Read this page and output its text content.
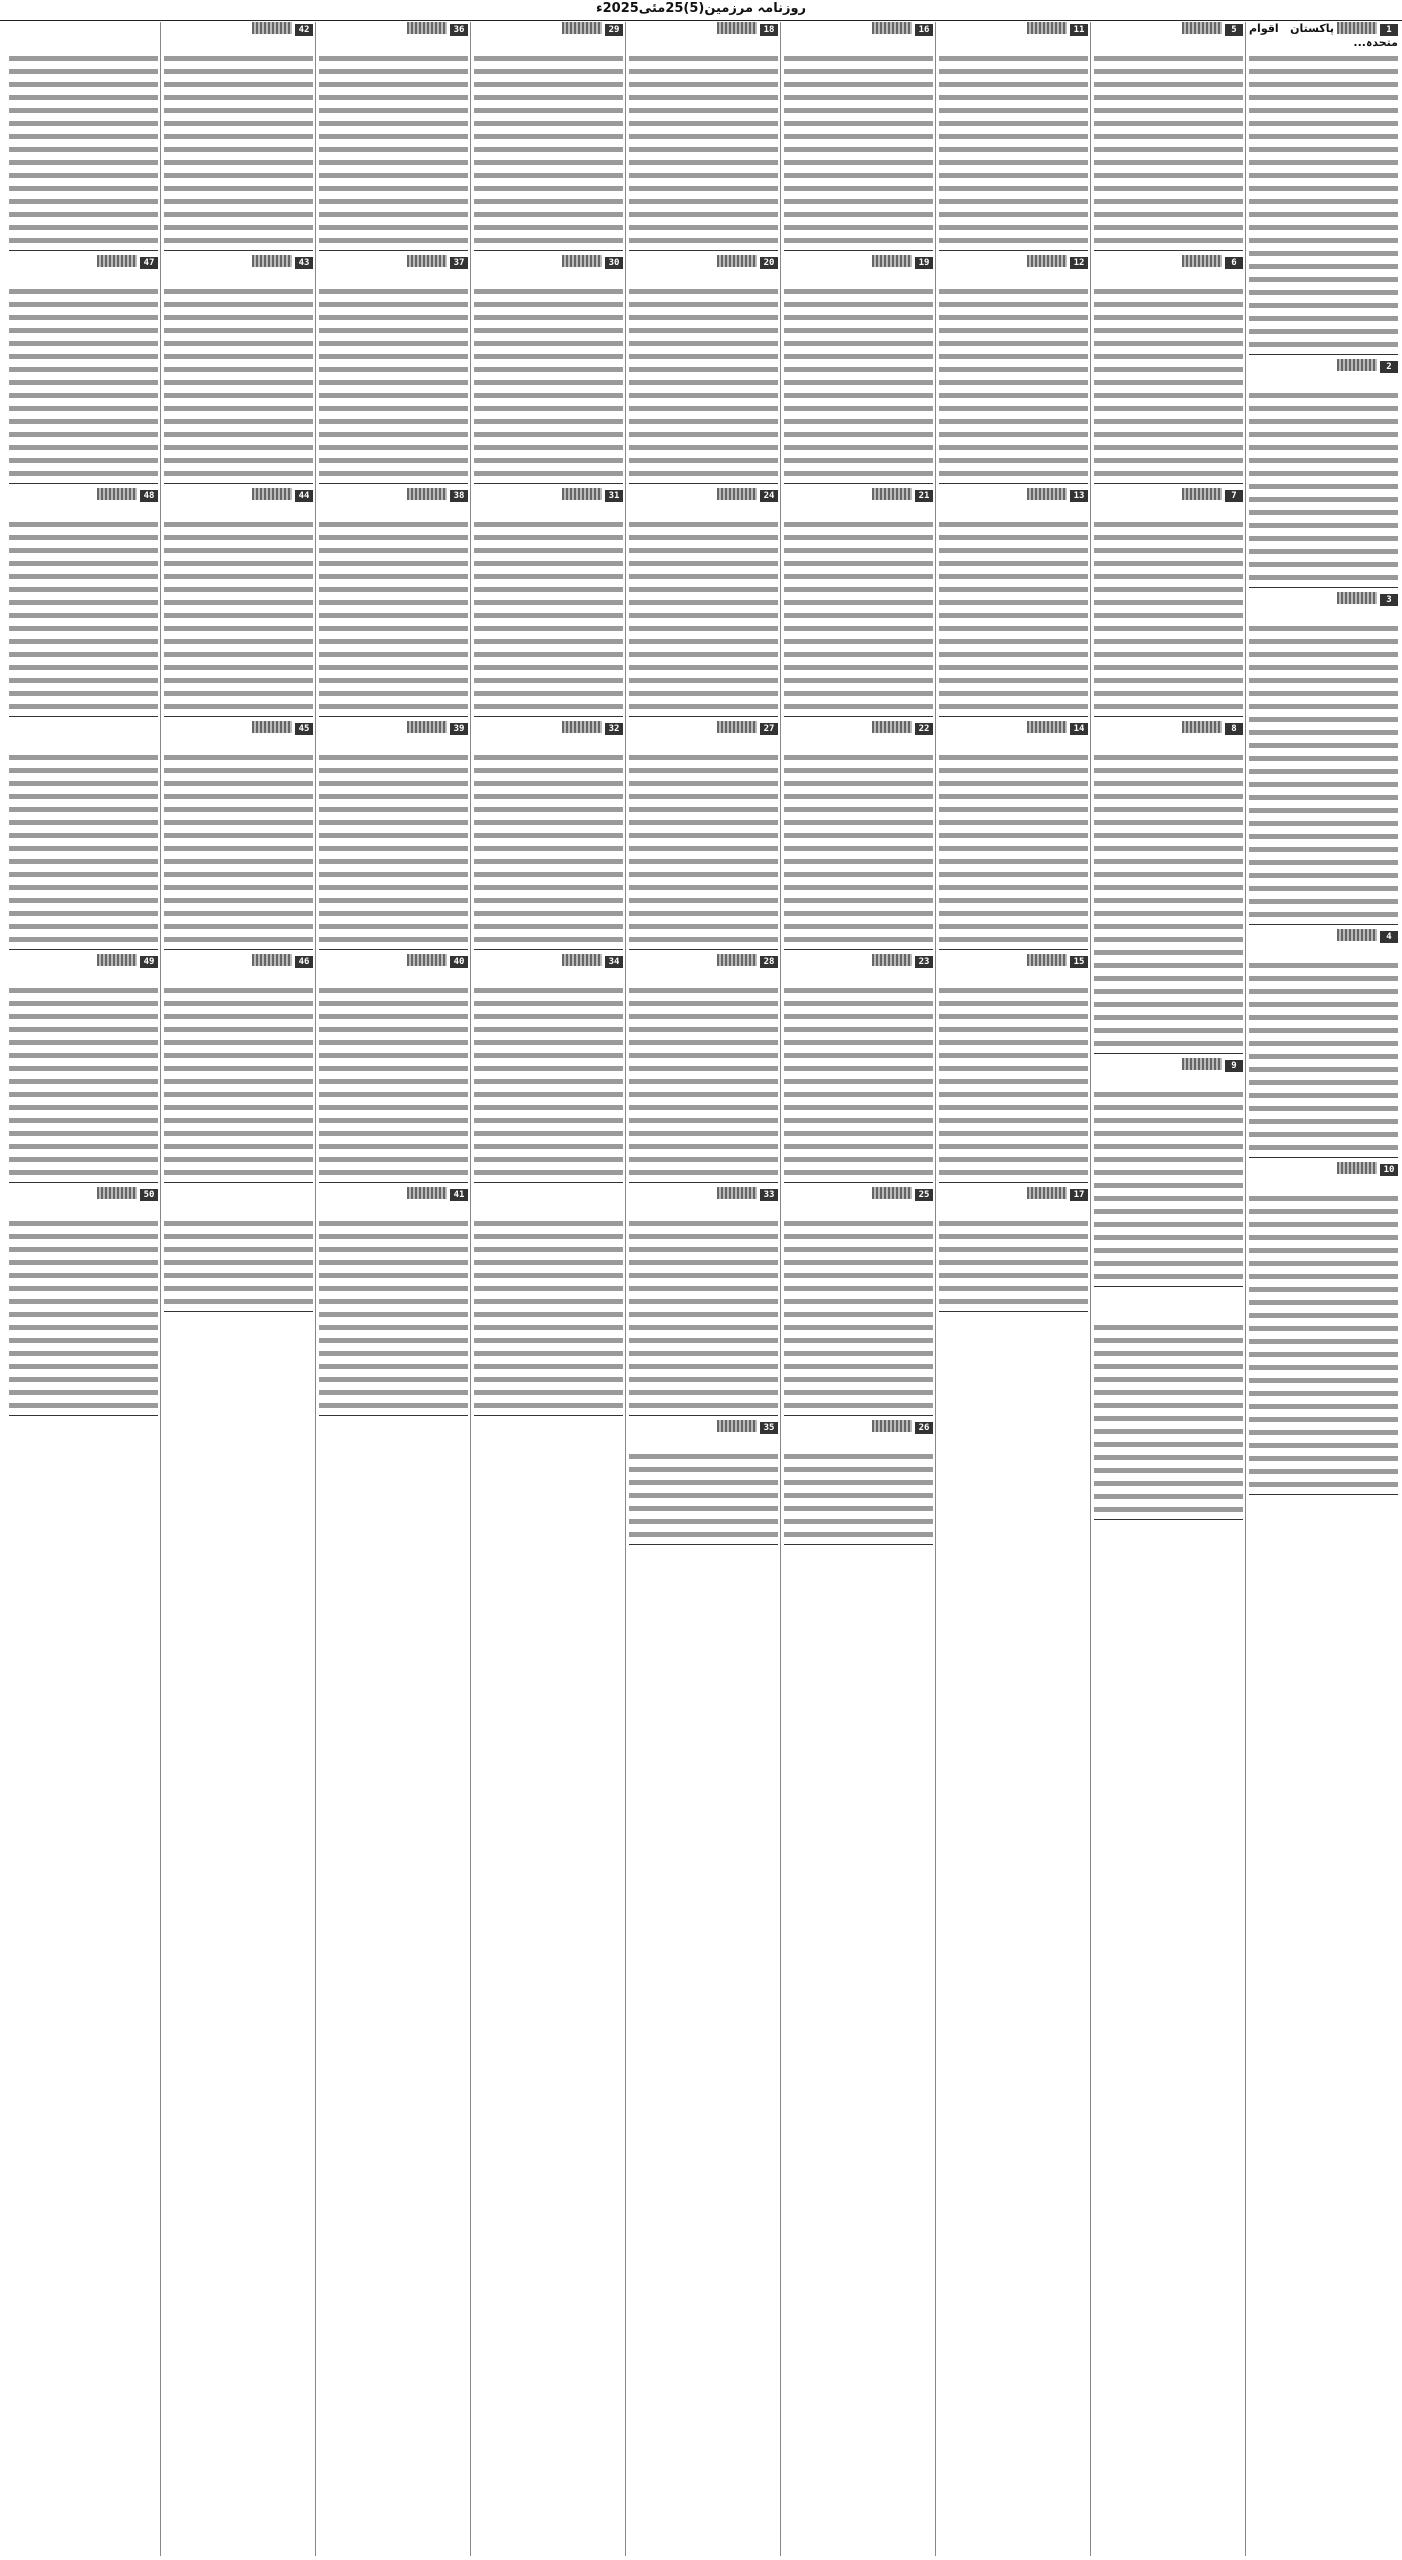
روزنامہ مرزمین(5)25مئی2025ء
1پاکستان اقوام متحدہ...
2
3
4
10
5
6
7
8
9
11
12
13
14
15
17
16
19
21
22
23
25
26
18
20
24
27
28
33
35
29
30
31
32
34
36
37
38
39
40
41
42
43
44
45
46
47
48
49
50
